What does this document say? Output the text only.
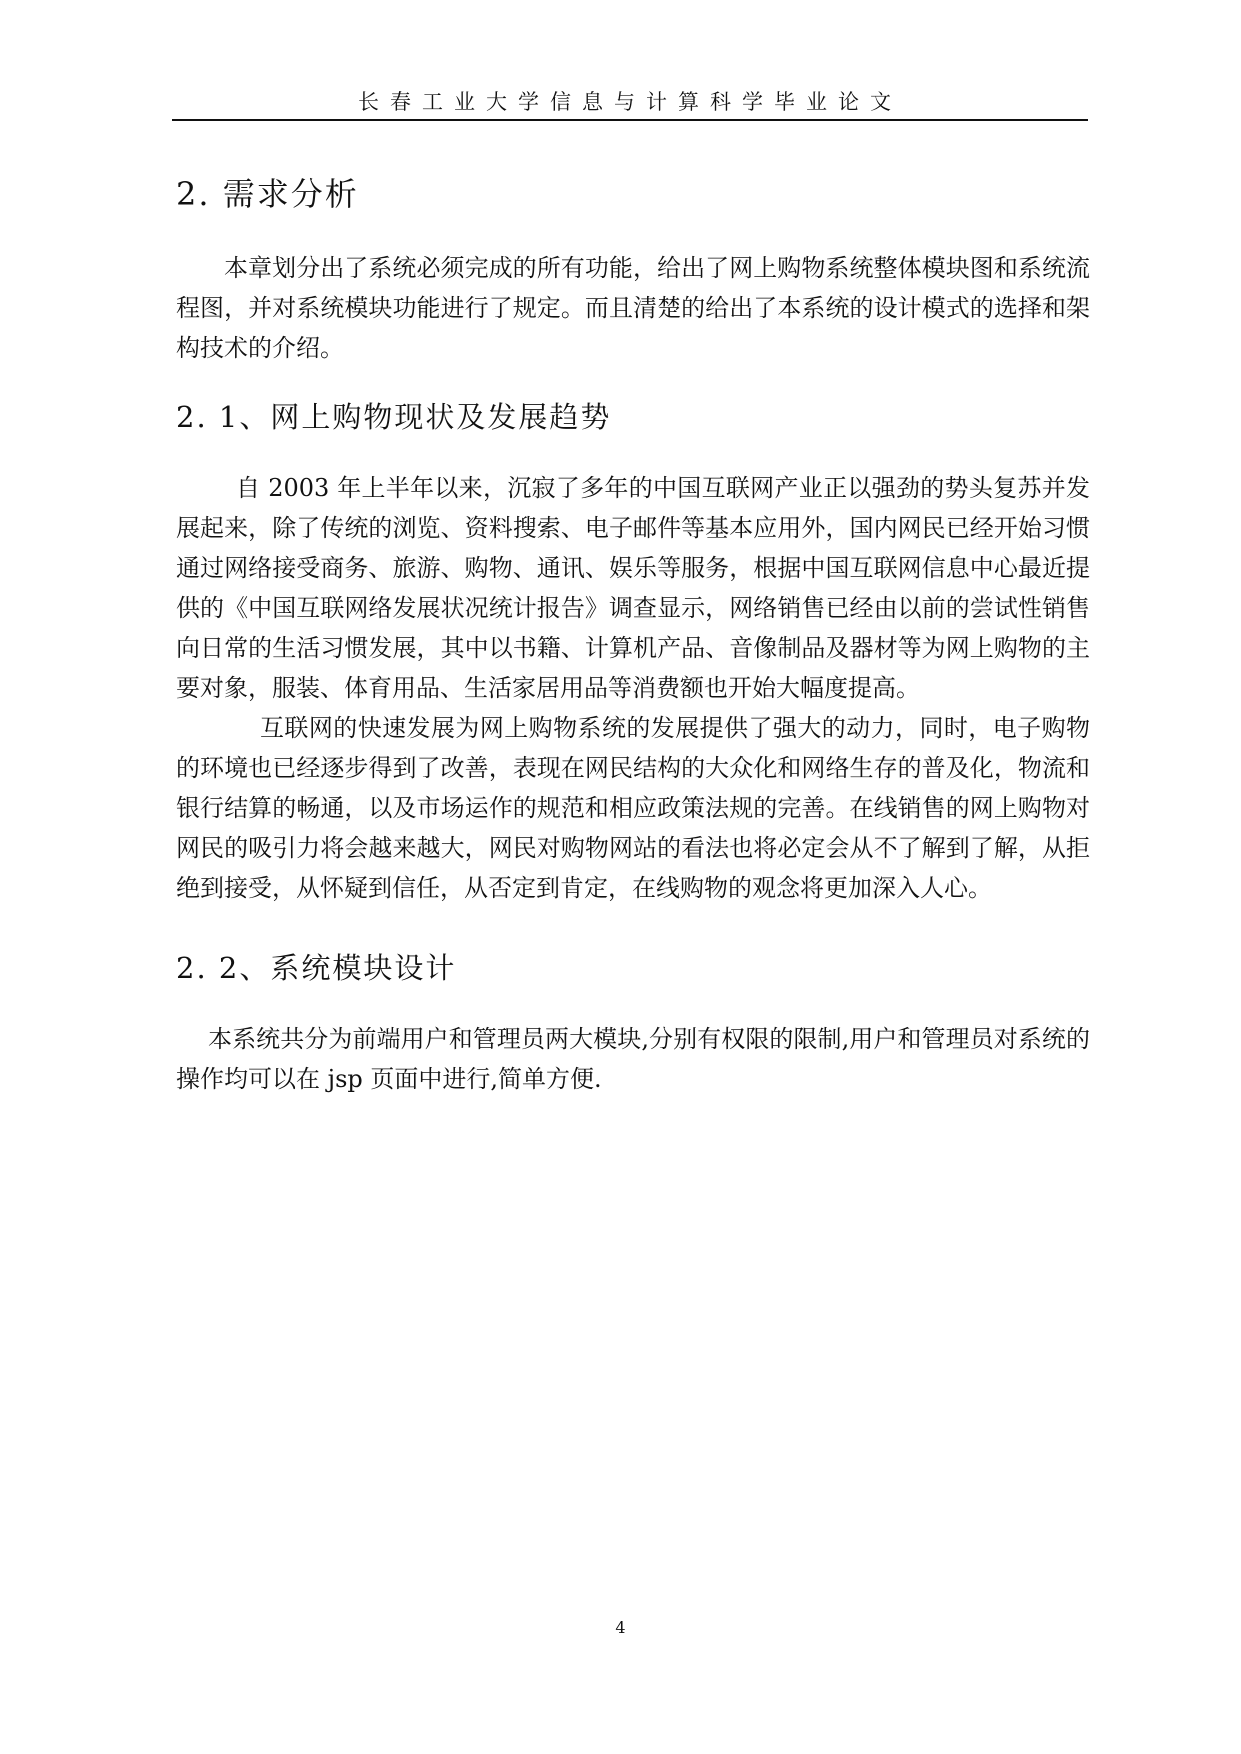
长春工业大学信息与计算科学毕业论文
2. 需求分析

本章划分出了系统必须完成的所有功能，给出了网上购物系统整体模块图和系统流程图，并对系统模块功能进行了规定。而且清楚的给出了本系统的设计模式的选择和架构技术的介绍。

2. 1、网上购物现状及发展趋势

自 2003 年上半年以来，沉寂了多年的中国互联网产业正以强劲的势头复苏并发展起来，除了传统的浏览、资料搜索、电子邮件等基本应用外，国内网民已经开始习惯通过网络接受商务、旅游、购物、通讯、娱乐等服务，根据中国互联网信息中心最近提供的《中国互联网络发展状况统计报告》调查显示，网络销售已经由以前的尝试性销售向日常的生活习惯发展，其中以书籍、计算机产品、音像制品及器材等为网上购物的主要对象，服装、体育用品、生活家居用品等消费额也开始大幅度提高。

互联网的快速发展为网上购物系统的发展提供了强大的动力，同时，电子购物的环境也已经逐步得到了改善，表现在网民结构的大众化和网络生存的普及化，物流和银行结算的畅通，以及市场运作的规范和相应政策法规的完善。在线销售的网上购物对网民的吸引力将会越来越大，网民对购物网站的看法也将必定会从不了解到了解，从拒绝到接受，从怀疑到信任，从否定到肯定，在线购物的观念将更加深入人心。

2. 2、系统模块设计

本系统共分为前端用户和管理员两大模块,分别有权限的限制,用户和管理员对系统的操作均可以在 jsp 页面中进行,简单方便.

4
